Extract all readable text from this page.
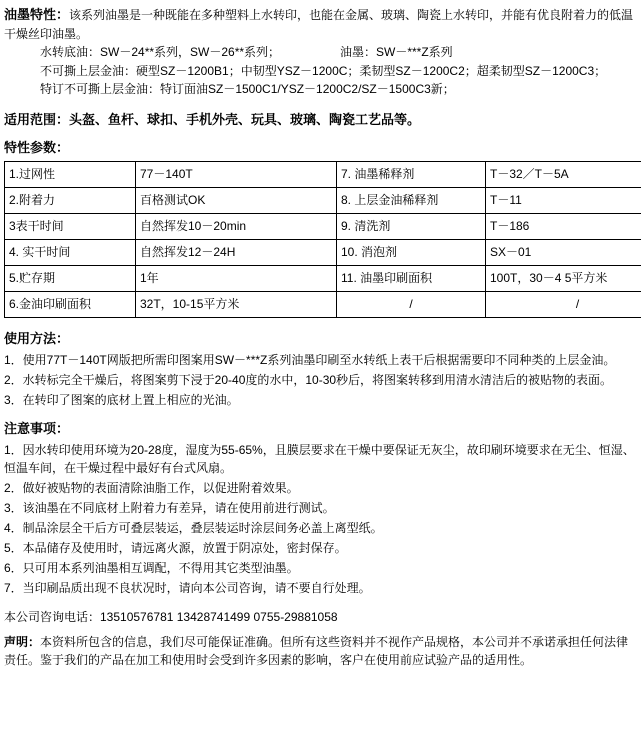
油墨特性：该系列油墨是一种既能在多种塑料上水转印，也能在金属、玻璃、陶瓷上水转印，并能有优良附着力的低温干燥丝印油墨。

水转底油：SW－24**系列，SW－26**系列；	油墨：SW－***Z系列
不可撕上层金油：硬型SZ－1200B1；中韧型YSZ－1200C；柔韧型SZ－1200C2；超柔韧型SZ－1200C3；
特订不可撕上层金油：特订面油SZ－1500C1/YSZ－1200C2/SZ－1500C3新；
适用范围：头盔、鱼杆、球扣、手机外壳、玩具、玻璃、陶瓷工艺品等。
特性参数：
1.过网性	77－140T	7. 油墨稀释剂	T－32／T－5A
2.附着力	百格测试OK	8. 上层金油稀释剂	T－11
3表干时间	自然挥发10－20min	9. 清洗剂	T－186
4. 实干时间	自然挥发12－24H	10. 消泡剂	SX－01
5.贮存期	1年	11. 油墨印刷面积	100T，30－4 5平方米
6.金油印刷面积	32T，10-15平方米	/	/
使用方法：
1．使用77T－140T网版把所需印图案用SW－***Z系列油墨印刷至水转纸上表干后根据需要印不同种类的上层金油。
2．水转标完全干燥后，将图案剪下浸于20-40度的水中，10-30秒后，将图案转移到用清水清洁后的被贴物的表面。
3．在转印了图案的底材上置上相应的光油。
注意事项：
1．因水转印使用环境为20-28度，湿度为55-65%，且膜层要求在干燥中要保证无灰尘，故印刷环境要求在无尘、恒湿、恒温车间，在干燥过程中最好有台式风扇。
2．做好被贴物的表面清除油脂工作，以促进附着效果。
3．该油墨在不同底材上附着力有差异，请在使用前进行测试。
4．制品涂层全干后方可叠层装运，叠层装运时涂层间务必盖上离型纸。
5．本品储存及使用时，请远离火源，放置于阴凉处，密封保存。
6．只可用本系列油墨相互调配，不得用其它类型油墨。
7．当印刷品质出现不良状况时，请向本公司咨询，请不要自行处理。
本公司咨询电话：13510576781 13428741499 0755-29881058
声明：本资料所包含的信息，我们尽可能保证准确。但所有这些资料并不视作产品规格，本公司并不承诺承担任何法律责任。鉴于我们的产品在加工和使用时会受到许多因素的影响，客户在使用前应试验产品的适用性。
